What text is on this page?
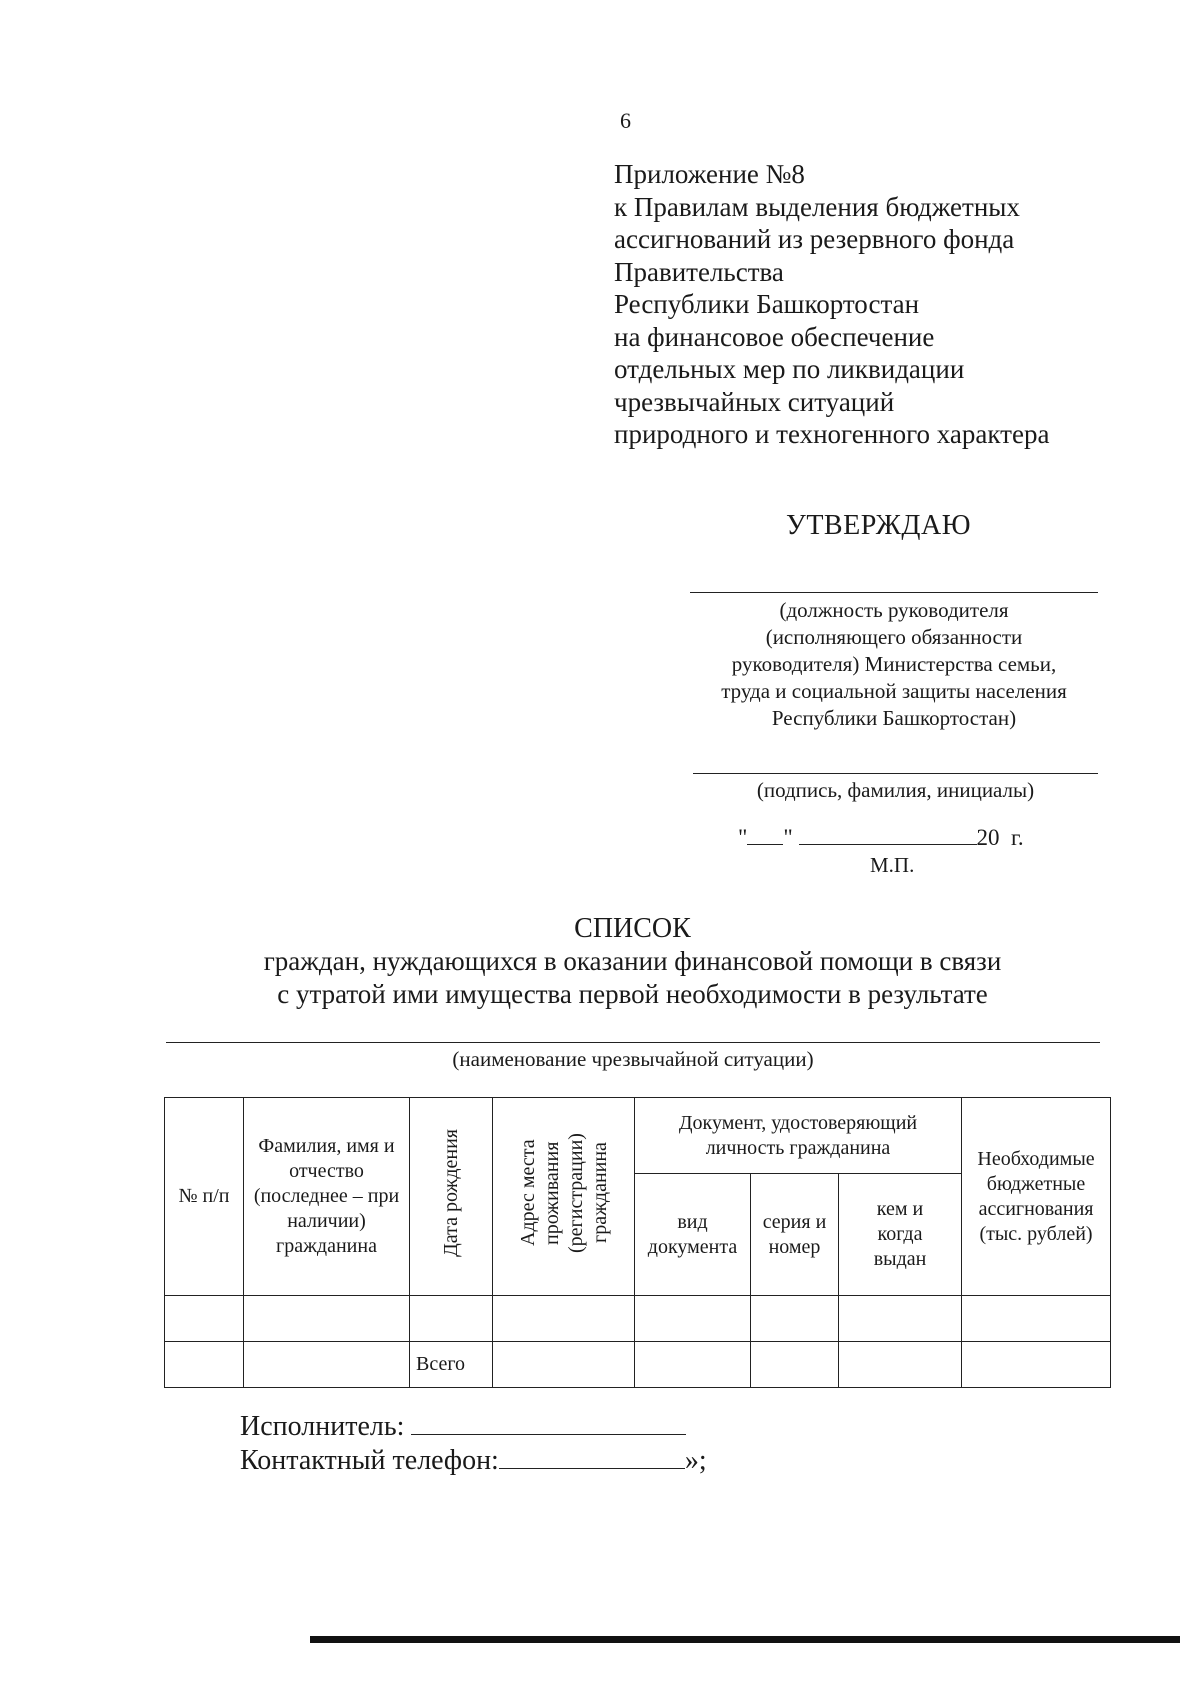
6
Приложение №8
к Правилам выделения бюджетных
ассигнований из резервного фонда
Правительства
Республики Башкортостан
на финансовое обеспечение
отдельных мер по ликвидации
чрезвычайных ситуаций
природного и техногенного характера
УТВЕРЖДАЮ
(должность руководителя
(исполняющего обязанности
руководителя) Министерства семьи,
труда и социальной защиты населения
Республики Башкортостан)
(подпись, фамилия, инициалы)
" "	20 г.
М.П.
СПИСОК
граждан, нуждающихся в оказании финансовой помощи в связи
с утратой ими имущества первой необходимости в результате
(наименование чрезвычайной ситуации)
№ п/п	Фамилия, имя и отчество (последнее – при наличии) гражданина	Дата рождения	Адрес места проживания (регистрации) гражданина	Документ, удостоверяющий личность гражданина			Необходимые бюджетные ассигнования (тыс. рублей)
				вид документа	серия и номер	кем и когда выдан	

		Всего					
Исполнитель:
Контактный телефон:	»;
